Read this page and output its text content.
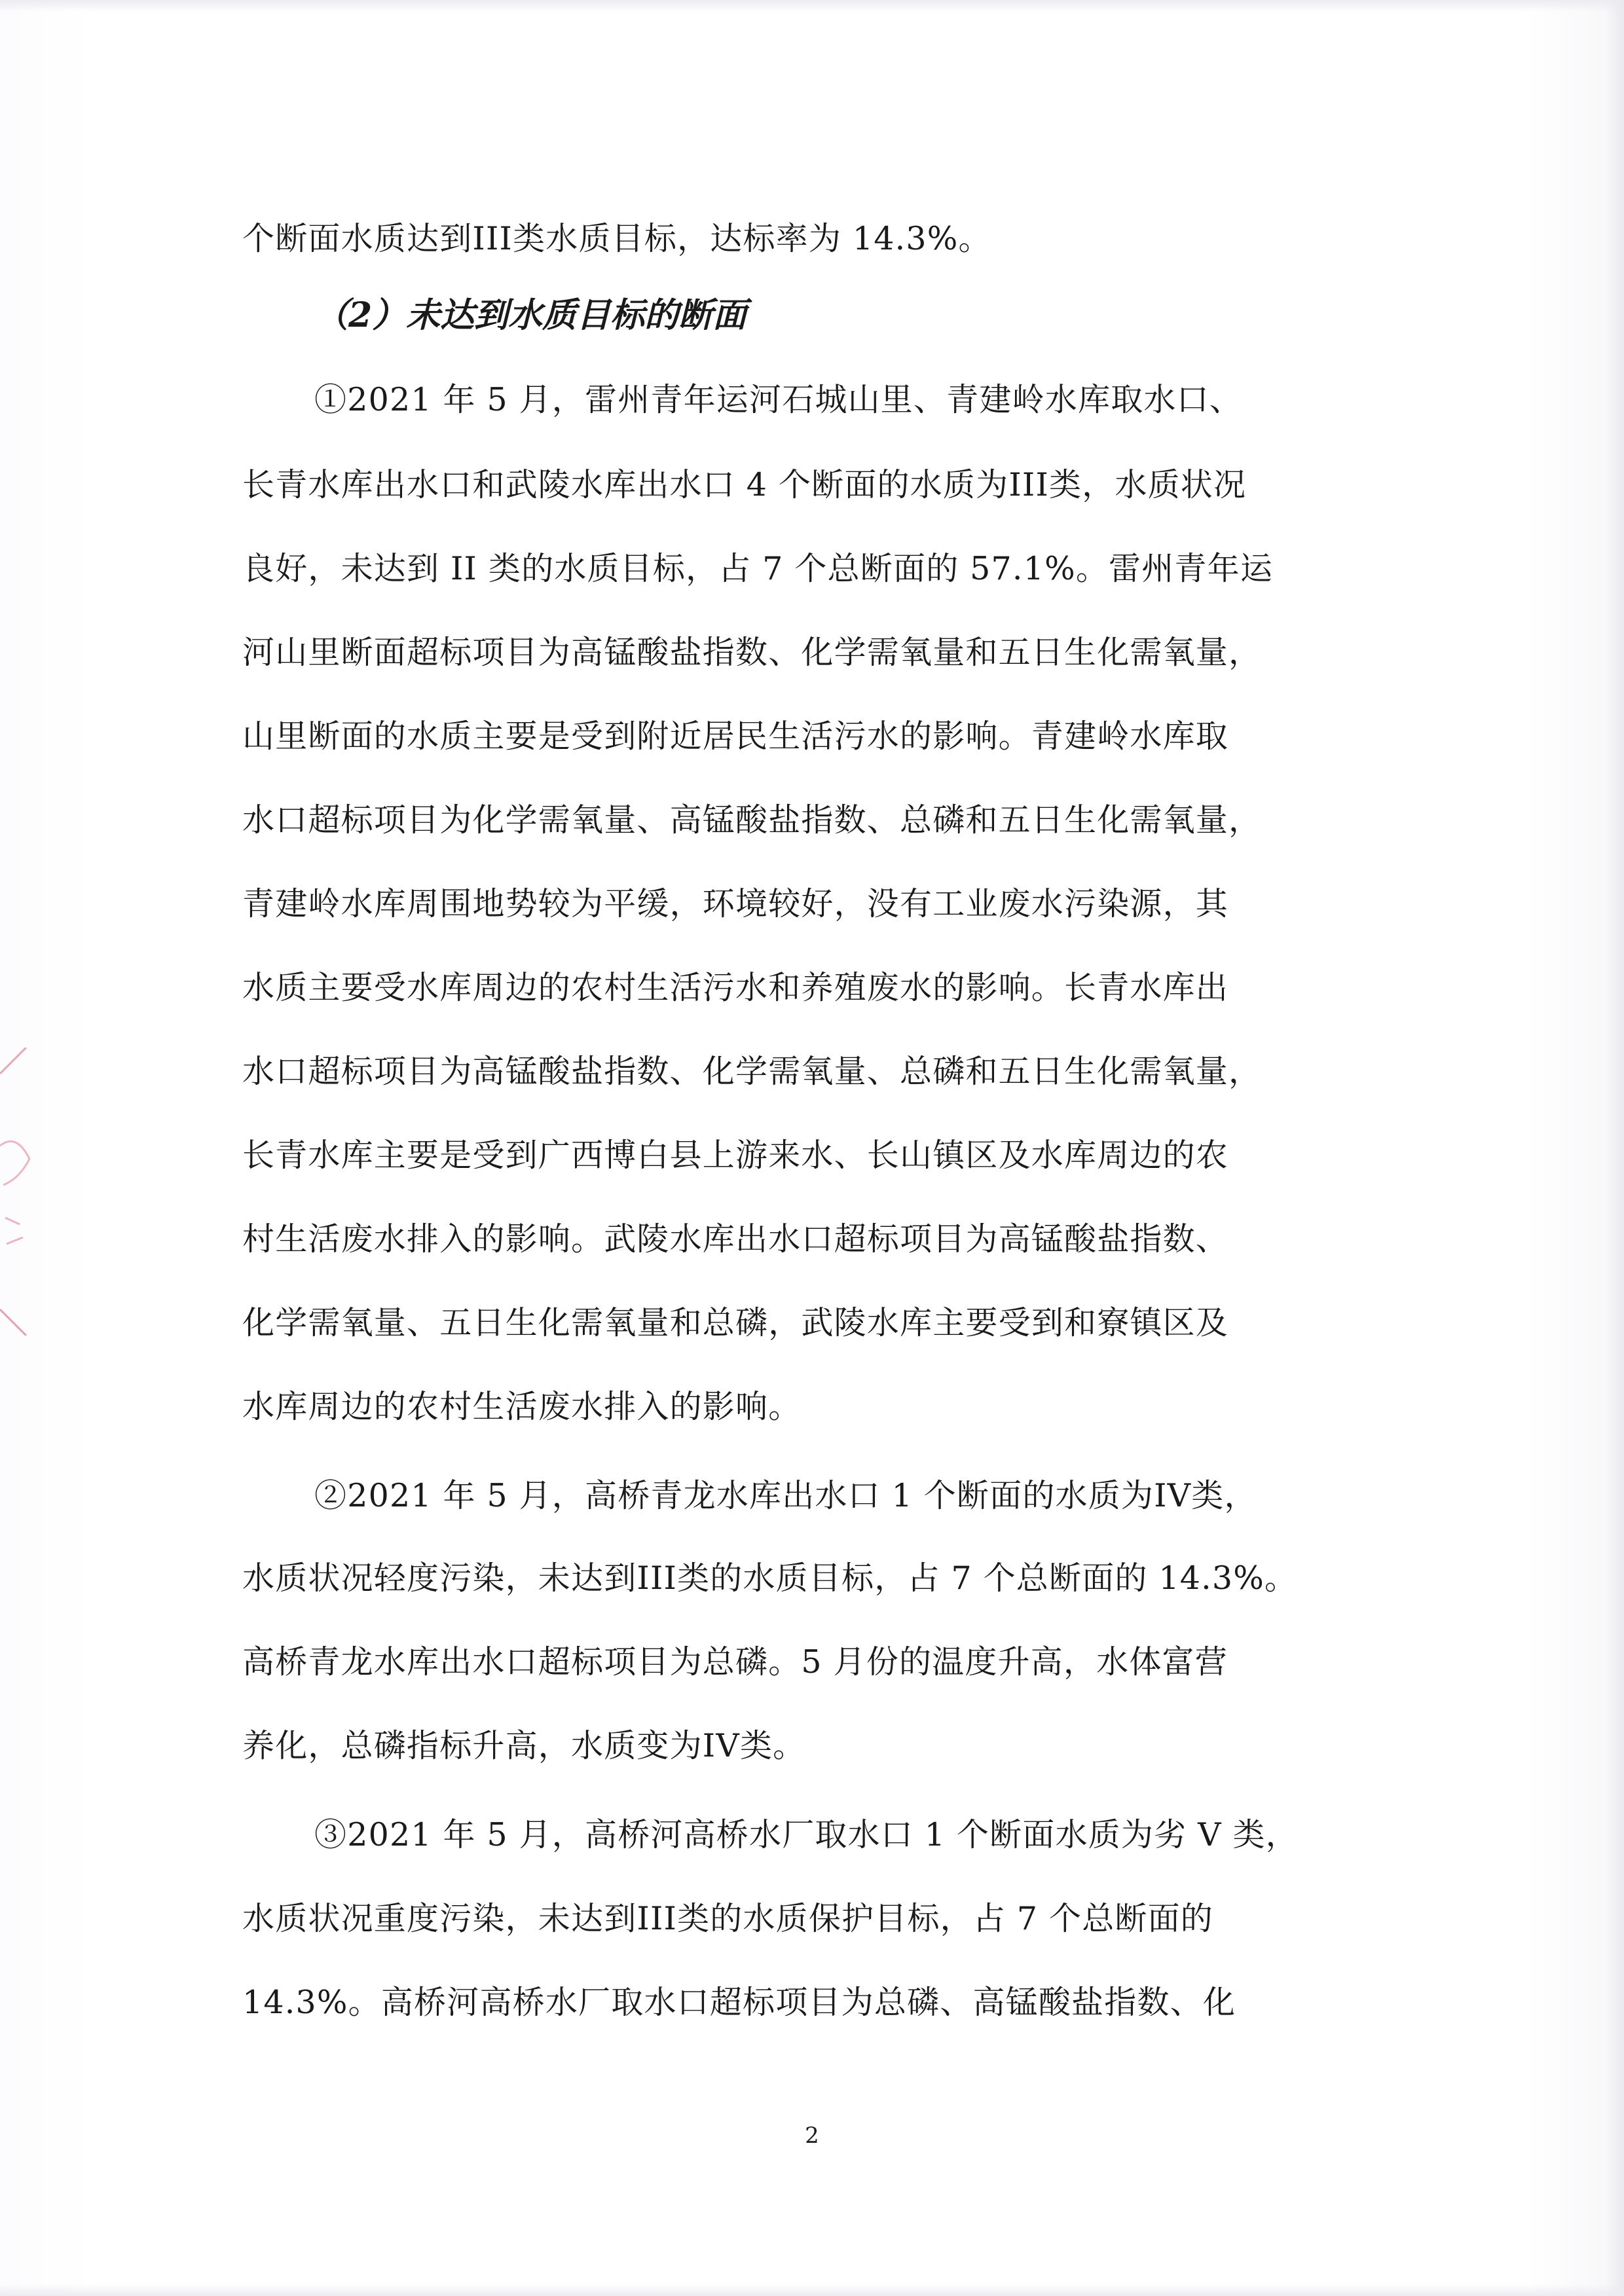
个断面水质达到III类水质目标，达标率为 14.3%。
（2）未达到水质目标的断面
①2021 年 5 月，雷州青年运河石城山里、青建岭水库取水口、
长青水库出水口和武陵水库出水口 4 个断面的水质为III类，水质状况
良好，未达到 II 类的水质目标，占 7 个总断面的 57.1%。雷州青年运
河山里断面超标项目为高锰酸盐指数、化学需氧量和五日生化需氧量，
山里断面的水质主要是受到附近居民生活污水的影响。青建岭水库取
水口超标项目为化学需氧量、高锰酸盐指数、总磷和五日生化需氧量，
青建岭水库周围地势较为平缓，环境较好，没有工业废水污染源，其
水质主要受水库周边的农村生活污水和养殖废水的影响。长青水库出
水口超标项目为高锰酸盐指数、化学需氧量、总磷和五日生化需氧量，
长青水库主要是受到广西博白县上游来水、长山镇区及水库周边的农
村生活废水排入的影响。武陵水库出水口超标项目为高锰酸盐指数、
化学需氧量、五日生化需氧量和总磷，武陵水库主要受到和寮镇区及
水库周边的农村生活废水排入的影响。
②2021 年 5 月，高桥青龙水库出水口 1 个断面的水质为IV类，
水质状况轻度污染，未达到III类的水质目标，占 7 个总断面的 14.3%。
高桥青龙水库出水口超标项目为总磷。5 月份的温度升高，水体富营
养化，总磷指标升高，水质变为IV类。
③2021 年 5 月，高桥河高桥水厂取水口 1 个断面水质为劣 V 类，
水质状况重度污染，未达到III类的水质保护目标，占 7 个总断面的
14.3%。高桥河高桥水厂取水口超标项目为总磷、高锰酸盐指数、化
2
